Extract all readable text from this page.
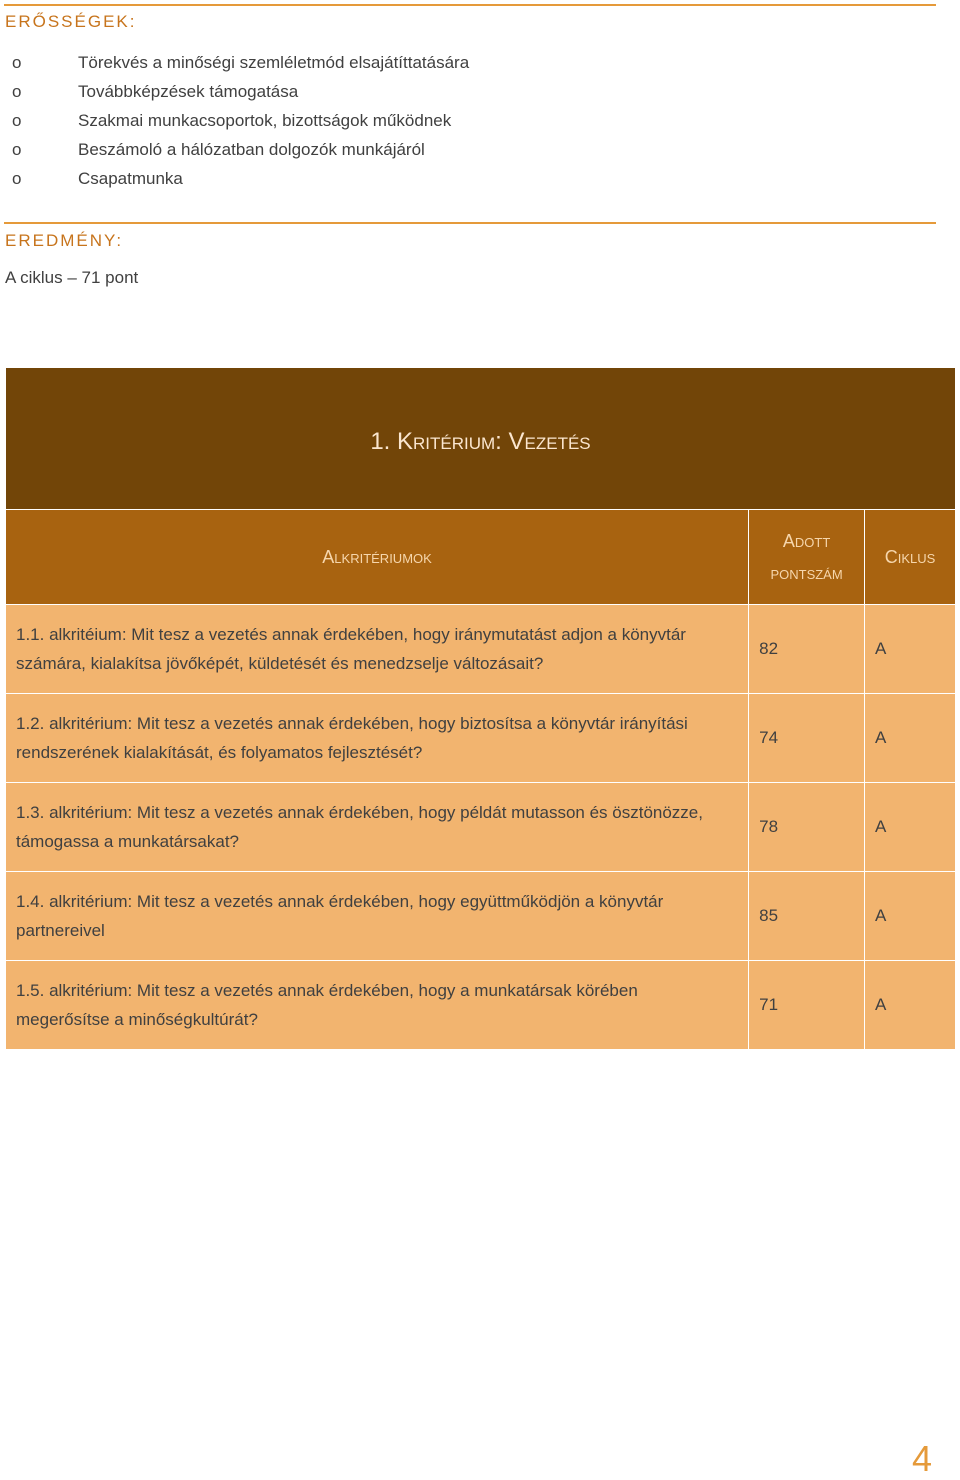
ERŐSSÉGEK:
o	Törekvés a minőségi szemléletmód elsajátíttatására
o	Továbbképzések támogatása
o	Szakmai munkacsoportok, bizottságok működnek
o	Beszámoló a hálózatban dolgozók munkájáról
o	Csapatmunka
EREDMÉNY:
A ciklus – 71 pont
1. Kritérium: Vezetés		
Alkritériumok	Adott pontszám	Ciklus
1.1. alkritéium: Mit tesz a vezetés annak érdekében, hogy iránymutatást adjon a könyvtár számára, kialakítsa jövőképét, küldetését és menedzselje változásait?	82	A
1.2. alkritérium: Mit tesz a vezetés annak érdekében, hogy biztosítsa a könyvtár irányítási rendszerének kialakítását, és folyamatos fejlesztését?	74	A
1.3. alkritérium: Mit tesz a vezetés annak érdekében, hogy példát mutasson és ösztönözze, támogassa a munkatársakat?	78	A
1.4. alkritérium: Mit tesz a vezetés annak érdekében, hogy együttműködjön a könyvtár partnereivel	85	A
1.5. alkritérium: Mit tesz a vezetés annak érdekében, hogy a munkatársak körében megerősítse a minőségkultúrát?	71	A
4
